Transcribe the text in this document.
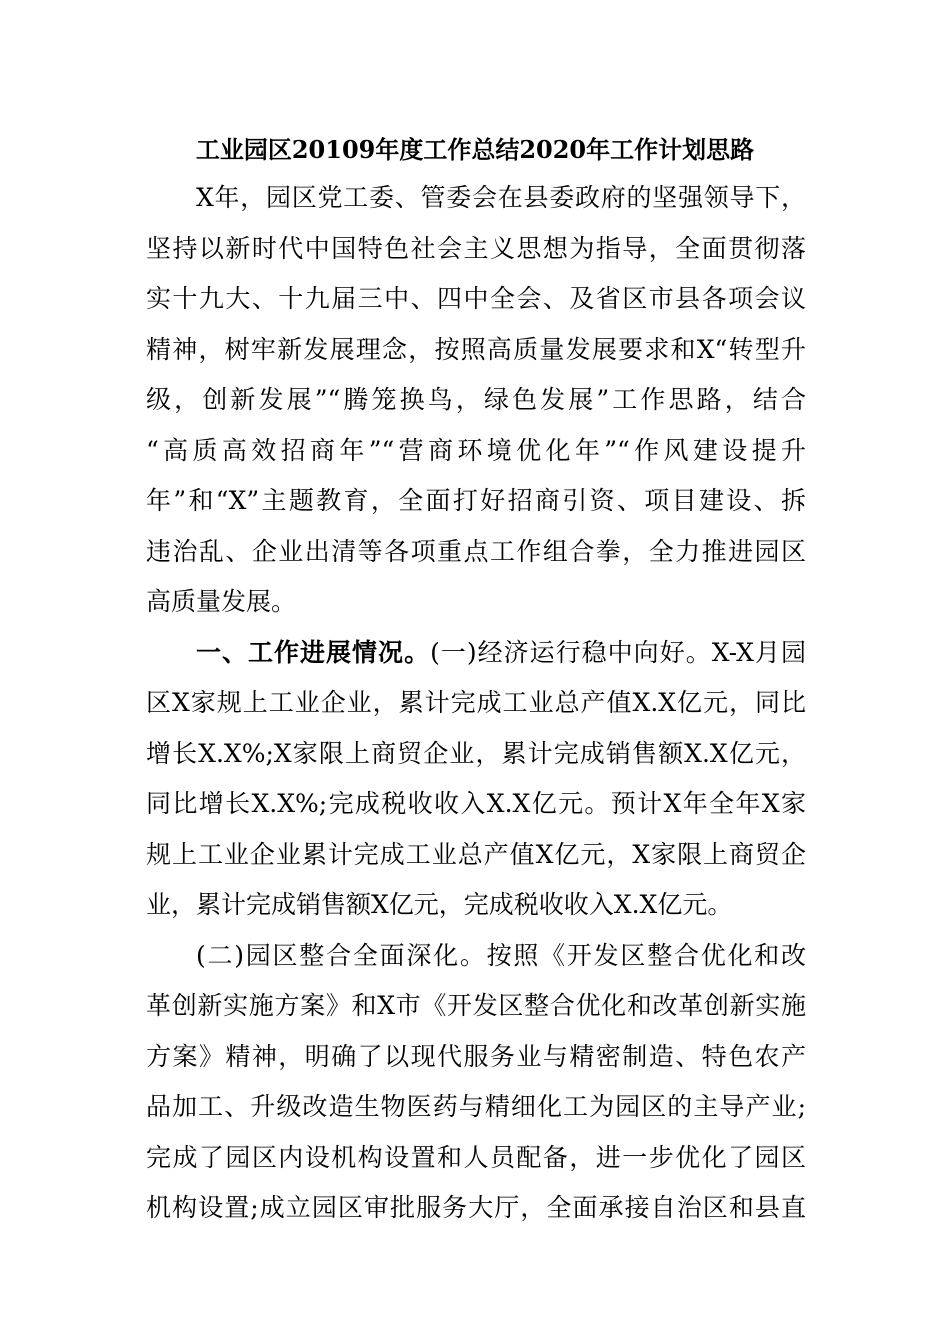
工业园区20109年度工作总结2020年工作计划思路
X年，园区党工委、管委会在县委政府的坚强领导下，
坚持以新时代中国特色社会主义思想为指导，全面贯彻落
实十九大、十九届三中、四中全会、及省区市县各项会议
精神，树牢新发展理念，按照高质量发展要求和X“转型升
级，创新发展”“腾笼换鸟，绿色发展”工作思路，结合
“高质高效招商年”“营商环境优化年”“作风建设提升
年”和“X”主题教育，全面打好招商引资、项目建设、拆
违治乱、企业出清等各项重点工作组合拳，全力推进园区
高质量发展。
一、工作进展情况。(一)经济运行稳中向好。X-X月园
区X家规上工业企业，累计完成工业总产值X.X亿元，同比
增长X.X%;X家限上商贸企业，累计完成销售额X.X亿元，
同比增长X.X%;完成税收收入X.X亿元。预计X年全年X家
规上工业企业累计完成工业总产值X亿元，X家限上商贸企
业，累计完成销售额X亿元，完成税收收入X.X亿元。
(二)园区整合全面深化。按照《开发区整合优化和改
革创新实施方案》和X市《开发区整合优化和改革创新实施
方案》精神，明确了以现代服务业与精密制造、特色农产
品加工、升级改造生物医药与精细化工为园区的主导产业;
完成了园区内设机构设置和人员配备，进一步优化了园区
机构设置;成立园区审批服务大厅，全面承接自治区和县直
